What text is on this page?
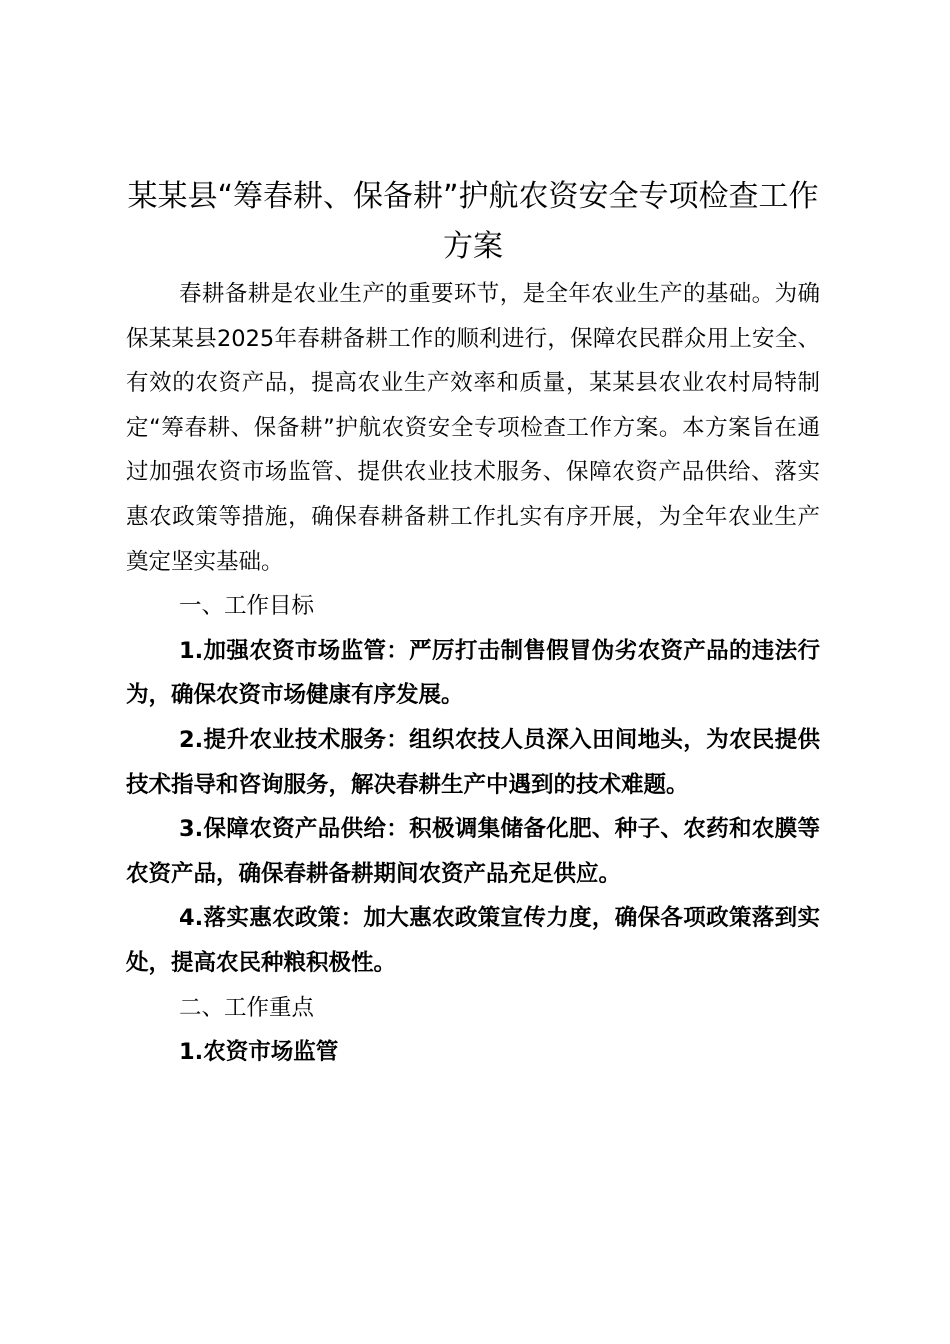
某某县“筹春耕、保备耕”护航农资安全专项检查工作方案

春耕备耕是农业生产的重要环节，是全年农业生产的基础。为确保某某县2025年春耕备耕工作的顺利进行，保障农民群众用上安全、有效的农资产品，提高农业生产效率和质量，某某县农业农村局特制定“筹春耕、保备耕”护航农资安全专项检查工作方案。本方案旨在通过加强农资市场监管、提供农业技术服务、保障农资产品供给、落实惠农政策等措施，确保春耕备耕工作扎实有序开展，为全年农业生产奠定坚实基础。

一、工作目标

1.加强农资市场监管：严厉打击制售假冒伪劣农资产品的违法行为，确保农资市场健康有序发展。

2.提升农业技术服务：组织农技人员深入田间地头，为农民提供技术指导和咨询服务，解决春耕生产中遇到的技术难题。

3.保障农资产品供给：积极调集储备化肥、种子、农药和农膜等农资产品，确保春耕备耕期间农资产品充足供应。

4.落实惠农政策：加大惠农政策宣传力度，确保各项政策落到实处，提高农民种粮积极性。

二、工作重点

1.农资市场监管
